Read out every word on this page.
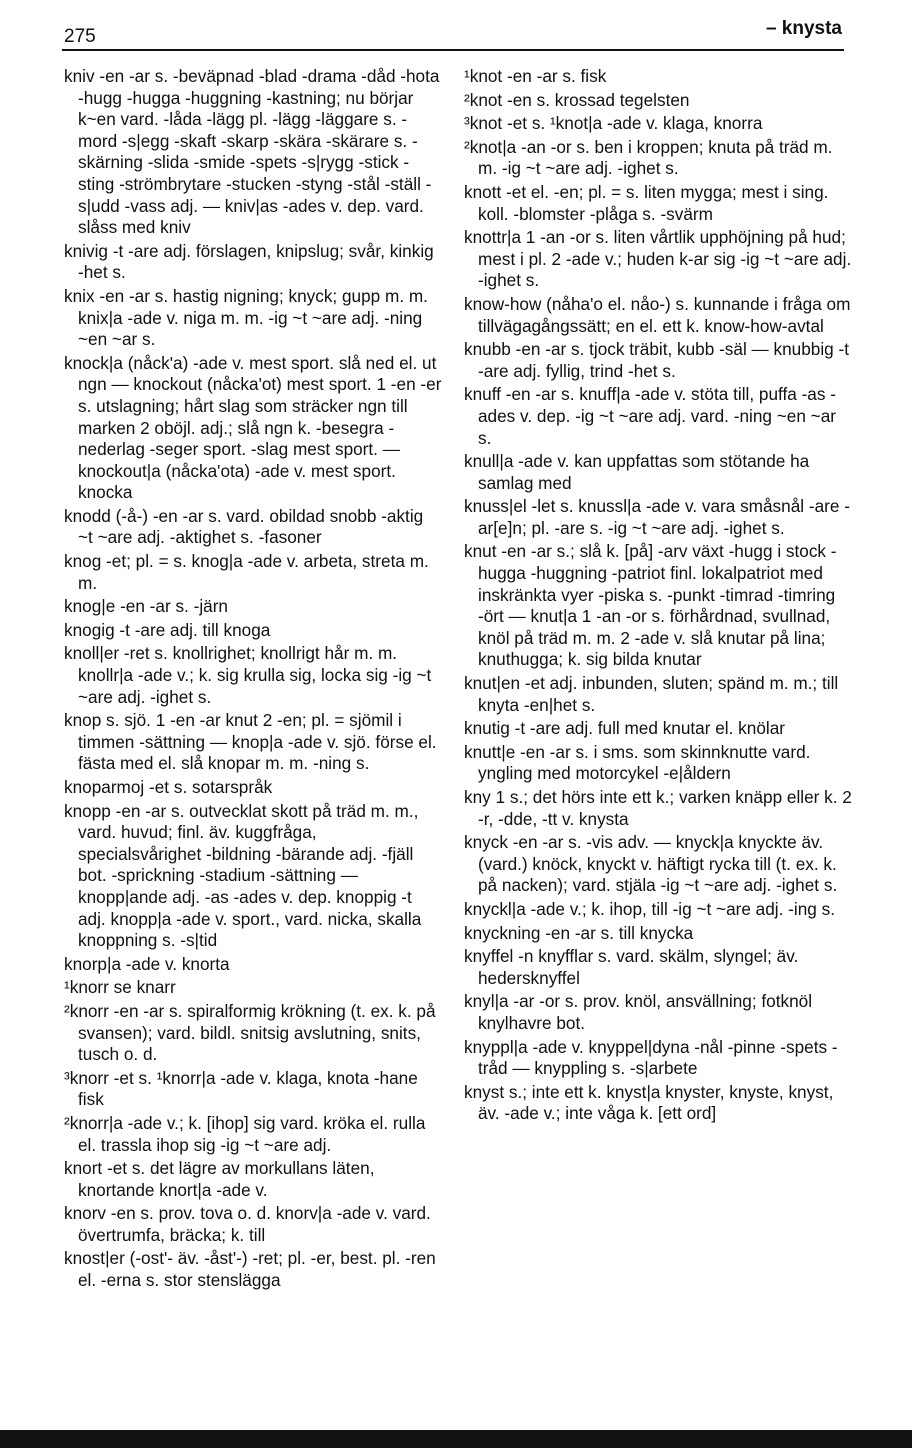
275	– knysta

kniv -en -ar s. -beväpnad -blad -drama -dåd -hota -hugg -hugga -huggning -kastning; nu börjar k~en vard. -låda -lägg pl. -lägg -läggare s. -mord -s|egg -skaft -skarp -skära -skärare s. -skärning -slida -smide -spets -s|rygg -stick -sting -strömbrytare -stucken -styng -stål -ställ -s|udd -vass adj. — kniv|as -ades v. dep. vard. slåss med kniv

knivig -t -are adj. förslagen, knipslug; svår, kinkig -het s.

knix -en -ar s. hastig nigning; knyck; gupp m. m. knix|a -ade v. niga m. m. -ig ~t ~are adj. -ning ~en ~ar s.

knock|a (nåck'a) -ade v. mest sport. slå ned el. ut ngn — knockout (nåcka'ot) mest sport. 1 -en -er s. utslagning; hårt slag som sträcker ngn till marken 2 oböjl. adj.; slå ngn k. -besegra -nederlag -seger sport. -slag mest sport. — knockout|a (nåcka'ota) -ade v. mest sport. knocka

knodd (-å-) -en -ar s. vard. obildad snobb -aktig ~t ~are adj. -aktighet s. -fasoner

knog -et; pl. = s. knog|a -ade v. arbeta, streta m. m.

knog|e -en -ar s. -järn

knogig -t -are adj. till knoga

knoll|er -ret s. knollrighet; knollrigt hår m. m. knollr|a -ade v.; k. sig krulla sig, locka sig -ig ~t ~are adj. -ighet s.

knop s. sjö. 1 -en -ar knut 2 -en; pl. = sjömil i timmen -sättning — knop|a -ade v. sjö. förse el. fästa med el. slå knopar m. m. -ning s.

knoparmoj -et s. sotarspråk

knopp -en -ar s. outvecklat skott på träd m. m., vard. huvud; finl. äv. kuggfråga, specialsvårighet -bildning -bärande adj. -fjäll bot. -sprickning -stadium -sättning — knopp|ande adj. -as -ades v. dep. knoppig -t adj. knopp|a -ade v. sport., vard. nicka, skalla knoppning s. -s|tid

knorp|a -ade v. knorta

¹knorr se knarr

²knorr -en -ar s. spiralformig krökning (t. ex. k. på svansen); vard. bildl. snitsig avslutning, snits, tusch o. d.

³knorr -et s. ¹knorr|a -ade v. klaga, knota -hane fisk

²knorr|a -ade v.; k. [ihop] sig vard. kröka el. rulla el. trassla ihop sig -ig ~t ~are adj.

knort -et s. det lägre av morkullans läten, knortande knort|a -ade v.

knorv -en s. prov. tova o. d. knorv|a -ade v. vard. övertrumfa, bräcka; k. till

knost|er (-ost'- äv. -åst'-) -ret; pl. -er, best. pl. -ren el. -erna s. stor stenslägga

¹knot -en -ar s. fisk

²knot -en s. krossad tegelsten

³knot -et s. ¹knot|a -ade v. klaga, knorra

²knot|a -an -or s. ben i kroppen; knuta på träd m. m. -ig ~t ~are adj. -ighet s.

knott -et el. -en; pl. = s. liten mygga; mest i sing. koll. -blomster -plåga s. -svärm

knottr|a 1 -an -or s. liten vårtlik upphöjning på hud; mest i pl. 2 -ade v.; huden k-ar sig -ig ~t ~are adj. -ighet s.

know-how (nåha'o el. nåo-) s. kunnande i fråga om tillvägagångssätt; en el. ett k. know-how-avtal

knubb -en -ar s. tjock träbit, kubb -säl — knubbig -t -are adj. fyllig, trind -het s.

knuff -en -ar s. knuff|a -ade v. stöta till, puffa -as -ades v. dep. -ig ~t ~are adj. vard. -ning ~en ~ar s.

knull|a -ade v. kan uppfattas som stötande ha samlag med

knuss|el -let s. knussl|a -ade v. vara småsnål -are -ar[e]n; pl. -are s. -ig ~t ~are adj. -ighet s.

knut -en -ar s.; slå k. [på] -arv växt -hugg i stock -hugga -huggning -patriot finl. lokalpatriot med inskränkta vyer -piska s. -punkt -timrad -timring -ört — knut|a 1 -an -or s. förhårdnad, svullnad, knöl på träd m. m. 2 -ade v. slå knutar på lina; knuthugga; k. sig bilda knutar

knut|en -et adj. inbunden, sluten; spänd m. m.; till knyta -en|het s.

knutig -t -are adj. full med knutar el. knölar

knutt|e -en -ar s. i sms. som skinnknutte vard. yngling med motorcykel -e|åldern

kny 1 s.; det hörs inte ett k.; varken knäpp eller k. 2 -r, -dde, -tt v. knysta

knyck -en -ar s. -vis adv. — knyck|a knyckte äv. (vard.) knöck, knyckt v. häftigt rycka till (t. ex. k. på nacken); vard. stjäla -ig ~t ~are adj. -ighet s.

knyckl|a -ade v.; k. ihop, till -ig ~t ~are adj. -ing s.

knyckning -en -ar s. till knycka

knyffel -n knyfflar s. vard. skälm, slyngel; äv. hedersknyffel

knyl|a -ar -or s. prov. knöl, ansvällning; fotknöl knylhavre bot.

knyppl|a -ade v. knyppel|dyna -nål -pinne -spets -tråd — knyppling s. -s|arbete

knyst s.; inte ett k. knyst|a knyster, knyste, knyst, äv. -ade v.; inte våga k. [ett ord]
